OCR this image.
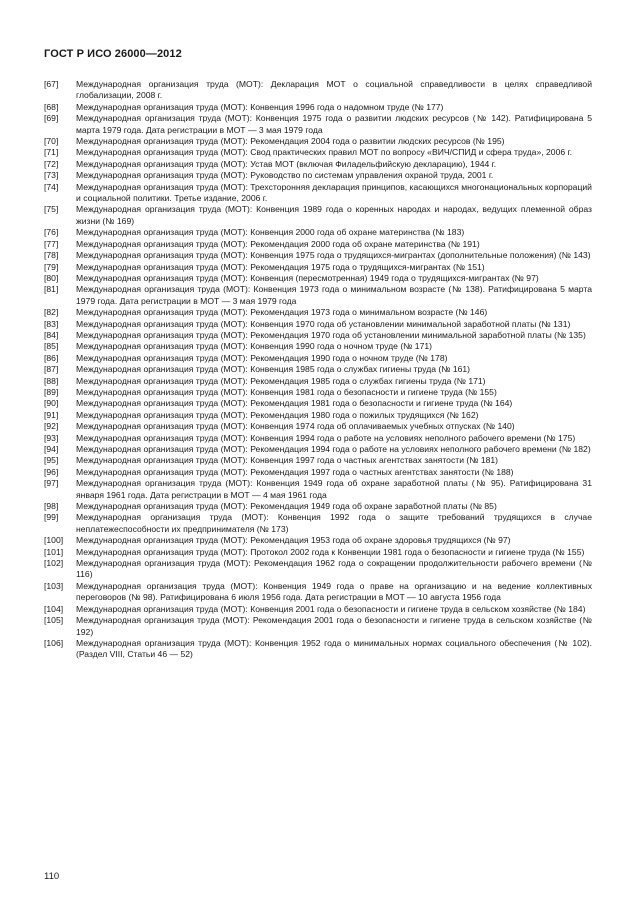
ГОСТ Р ИСО 26000—2012
[67]	Международная организация труда (МОТ): Декларация МОТ о социальной справедливости в целях справедливой глобализации, 2008 г.
[68]	Международная организация труда (МОТ): Конвенция 1996 года о надомном труде (№ 177)
[69]	Международная организация труда (МОТ): Конвенция 1975 года о развитии людских ресурсов (№ 142). Ратифицирована 5 марта 1979 года. Дата регистрации в МОТ — 3 мая 1979 года
[70]	Международная организация труда (МОТ): Рекомендация 2004 года о развитии людских ресурсов (№ 195)
[71]	Международная организация труда (МОТ): Свод практических правил МОТ по вопросу «ВИЧ/СПИД и сфера труда», 2006 г.
[72]	Международная организация труда (МОТ): Устав МОТ (включая Филадельфийскую декларацию), 1944 г.
[73]	Международная организация труда (МОТ): Руководство по системам управления охраной труда, 2001 г.
[74]	Международная организация труда (МОТ): Трехсторонняя декларация принципов, касающихся многонациональных корпораций и социальной политики. Третье издание, 2006 г.
[75]	Международная организация труда (МОТ): Конвенция 1989 года о коренных народах и народах, ведущих племенной образ жизни (№ 169)
[76]	Международная организация труда (МОТ): Конвенция 2000 года об охране материнства (№ 183)
[77]	Международная организация труда (МОТ): Рекомендация 2000 года об охране материнства (№ 191)
[78]	Международная организация труда (МОТ): Конвенция 1975 года о трудящихся-мигрантах (дополнительные положения) (№ 143)
[79]	Международная организация труда (МОТ): Рекомендация 1975 года о трудящихся-мигрантах (№ 151)
[80]	Международная организация труда (МОТ): Конвенция (пересмотренная) 1949 года о трудящихся-мигрантах (№ 97)
[81]	Международная организация труда (МОТ): Конвенция 1973 года о минимальном возрасте (№ 138). Ратифицирована 5 марта 1979 года. Дата регистрации в МОТ — 3 мая 1979 года
[82]	Международная организация труда (МОТ): Рекомендация 1973 года о минимальном возрасте (№ 146)
[83]	Международная организация труда (МОТ): Конвенция 1970 года об установлении минимальной заработной платы (№ 131)
[84]	Международная организация труда (МОТ): Рекомендация 1970 года об установлении минимальной заработной платы (№ 135)
[85]	Международная организация труда (МОТ): Конвенция 1990 года о ночном труде (№ 171)
[86]	Международная организация труда (МОТ): Рекомендация 1990 года о ночном труде (№ 178)
[87]	Международная организация труда (МОТ): Конвенция 1985 года о службах гигиены труда (№ 161)
[88]	Международная организация труда (МОТ): Рекомендация 1985 года о службах гигиены труда (№ 171)
[89]	Международная организация труда (МОТ): Конвенция 1981 года о безопасности и гигиене труда (№ 155)
[90]	Международная организация труда (МОТ): Рекомендация 1981 года о безопасности и гигиене труда (№ 164)
[91]	Международная организация труда (МОТ): Рекомендация 1980 года о пожилых трудящихся (№ 162)
[92]	Международная организация труда (МОТ): Конвенция 1974 года об оплачиваемых учебных отпусках (№ 140)
[93]	Международная организация труда (МОТ): Конвенция 1994 года о работе на условиях неполного рабочего времени (№ 175)
[94]	Международная организация труда (МОТ): Рекомендация 1994 года о работе на условиях неполного рабочего времени (№ 182)
[95]	Международная организация труда (МОТ): Конвенция 1997 года о частных агентствах занятости (№ 181)
[96]	Международная организация труда (МОТ): Рекомендация 1997 года о частных агентствах занятости (№ 188)
[97]	Международная организация труда (МОТ): Конвенция 1949 года об охране заработной платы (№ 95). Ратифицирована 31 января 1961 года. Дата регистрации в МОТ — 4 мая 1961 года
[98]	Международная организация труда (МОТ): Рекомендация 1949 года об охране заработной платы (№ 85)
[99]	Международная организация труда (МОТ): Конвенция 1992 года о защите требований трудящихся в случае неплатежеспособности их предпринимателя (№ 173)
[100]	Международная организация труда (МОТ): Рекомендация 1953 года об охране здоровья трудящихся (№ 97)
[101]	Международная организация труда (МОТ): Протокол 2002 года к Конвенции 1981 года о безопасности и гигиене труда (№ 155)
[102]	Международная организация труда (МОТ): Рекомендация 1962 года о сокращении продолжительности рабочего времени (№ 116)
[103]	Международная организация труда (МОТ): Конвенция 1949 года о праве на организацию и на ведение коллективных переговоров (№ 98). Ратифицирована 6 июля 1956 года. Дата регистрации в МОТ — 10 августа 1956 года
[104]	Международная организация труда (МОТ): Конвенция 2001 года о безопасности и гигиене труда в сельском хозяйстве (№ 184)
[105]	Международная организация труда (МОТ): Рекомендация 2001 года о безопасности и гигиене труда в сельском хозяйстве (№ 192)
[106]	Международная организация труда (МОТ): Конвенция 1952 года о минимальных нормах социального обеспечения (№ 102). (Раздел VIII, Статьи 46 — 52)
110
